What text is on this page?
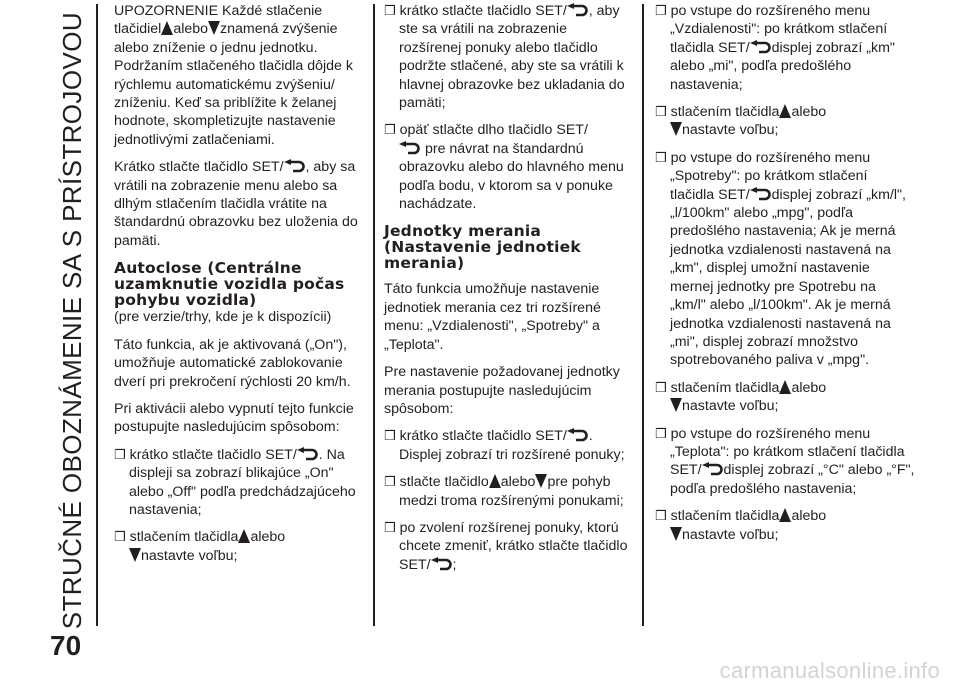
STRUČNÉ OBOZNÁMENIE SA S PRÍSTROJOVOU
70

UPOZORNENIE Každé stlačenie tlačidiel alebo znamená zvýšenie alebo zníženie o jednu jednotku. Podržaním stlačeného tlačidla dôjde k rýchlemu automatickému zvýšeniu/ zníženiu. Keď sa priblížite k želanej hodnote, skompletizujte nastavenie jednotlivými zatlačeniami.

Krátko stlačte tlačidlo SET/ , aby sa vrátili na zobrazenie menu alebo sa dlhým stlačením tlačidla vrátite na štandardnú obrazovku bez uloženia do pamäti.

Autoclose (Centrálne uzamknutie vozidla počas pohybu vozidla)

(pre verzie/trhy, kde je k dispozícii)

Táto funkcia, ak je aktivovaná („On"), umožňuje automatické zablokovanie dverí pri prekročení rýchlosti 20 km/h.

Pri aktivácii alebo vypnutí tejto funkcie postupujte nasledujúcim spôsobom:

❒ krátko stlačte tlačidlo SET/ . Na displeji sa zobrazí blikajúce „On" alebo „Off" podľa predchádzajúceho nastavenia;

❒ stlačením tlačidla alebo
nastavte voľbu;

❒ krátko stlačte tlačidlo SET/ , aby ste sa vrátili na zobrazenie rozšírenej ponuky alebo tlačidlo podržte stlačené, aby ste sa vrátili k hlavnej obrazovke bez ukladania do pamäti;

❒ opäť stlačte dlho tlačidlo SET/
pre návrat na štandardnú obrazovku alebo do hlavného menu podľa bodu, v ktorom sa v ponuke nachádzate.

Jednotky merania (Nastavenie jednotiek merania)

Táto funkcia umožňuje nastavenie jednotiek merania cez tri rozšírené menu: „Vzdialenosti", „Spotreby" a „Teplota".

Pre nastavenie požadovanej jednotky merania postupujte nasledujúcim spôsobom:

❒ krátko stlačte tlačidlo SET/ . Displej zobrazí tri rozšírené ponuky;

❒ stlačte tlačidlo alebo pre pohyb medzi troma rozšírenými ponukami;

❒ po zvolení rozšírenej ponuky, ktorú chcete zmeniť, krátko stlačte tlačidlo SET/ ;

❒ po vstupe do rozšíreného menu „Vzdialenosti": po krátkom stlačení tlačidla SET/ displej zobrazí „km" alebo „mi", podľa predošlého nastavenia;

❒ stlačením tlačidla alebo
nastavte voľbu;

❒ po vstupe do rozšíreného menu „Spotreby": po krátkom stlačení tlačidla SET/ displej zobrazí „km/l", „l/100km" alebo „mpg", podľa predošlého nastavenia; Ak je merná jednotka vzdialenosti nastavená na „km", displej umožní nastavenie mernej jednotky pre Spotrebu na „km/l" alebo „l/100km". Ak je merná jednotka vzdialenosti nastavená na „mi", displej zobrazí množstvo spotrebovaného paliva v „mpg".

❒ stlačením tlačidla alebo
nastavte voľbu;

❒ po vstupe do rozšíreného menu „Teplota": po krátkom stlačení tlačidla SET/ displej zobrazí „°C" alebo „°F", podľa predošlého nastavenia;

❒ stlačením tlačidla alebo
nastavte voľbu;

carmanualsonline.info
